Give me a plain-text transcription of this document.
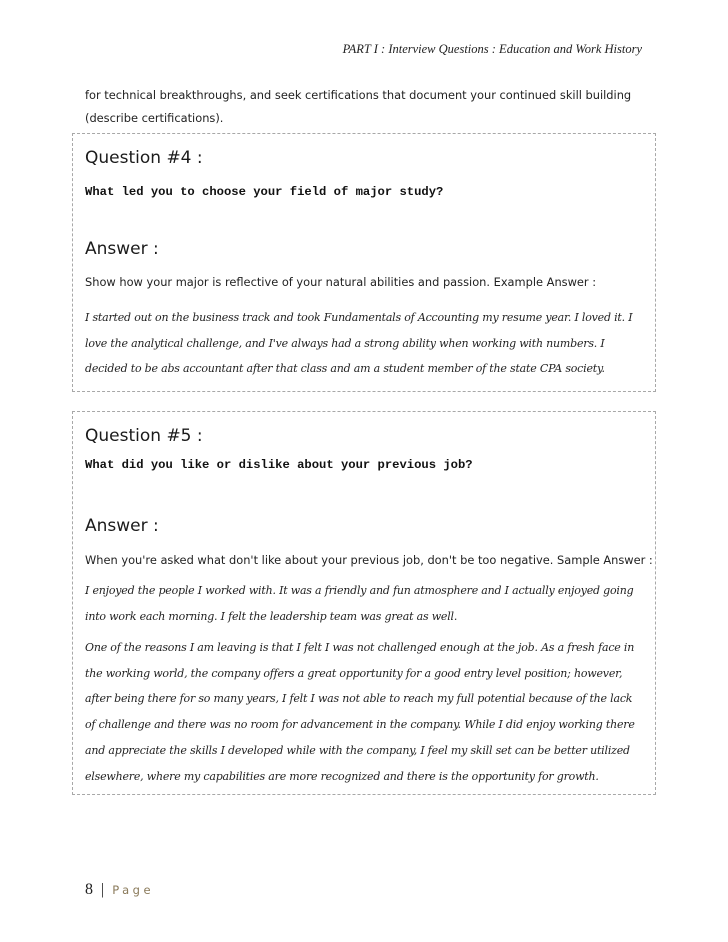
PART I : Interview Questions : Education and Work History
for technical breakthroughs, and seek certifications that document your continued skill building
(describe certifications).
Question #4 :
What led you to choose your field of major study?
Answer :
Show how your major is reflective of your natural abilities and passion. Example Answer :
I started out on the business track and took Fundamentals of Accounting my resume year. I loved it. I
love the analytical challenge, and I've always had a strong ability when working with numbers. I
decided to be abs accountant after that class and am a student member of the state CPA society.
Question #5 :
What did you like or dislike about your previous job?
Answer :
When you're asked what don't like about your previous job, don't be too negative. Sample Answer :
I enjoyed the people I worked with. It was a friendly and fun atmosphere and I actually enjoyed going
into work each morning. I felt the leadership team was great as well.
One of the reasons I am leaving is that I felt I was not challenged enough at the job. As a fresh face in
the working world, the company offers a great opportunity for a good entry level position; however,
after being there for so many years, I felt I was not able to reach my full potential because of the lack
of challenge and there was no room for advancement in the company. While I did enjoy working there
and appreciate the skills I developed while with the company, I feel my skill set can be better utilized
elsewhere, where my capabilities are more recognized and there is the opportunity for growth.
8 | Page
